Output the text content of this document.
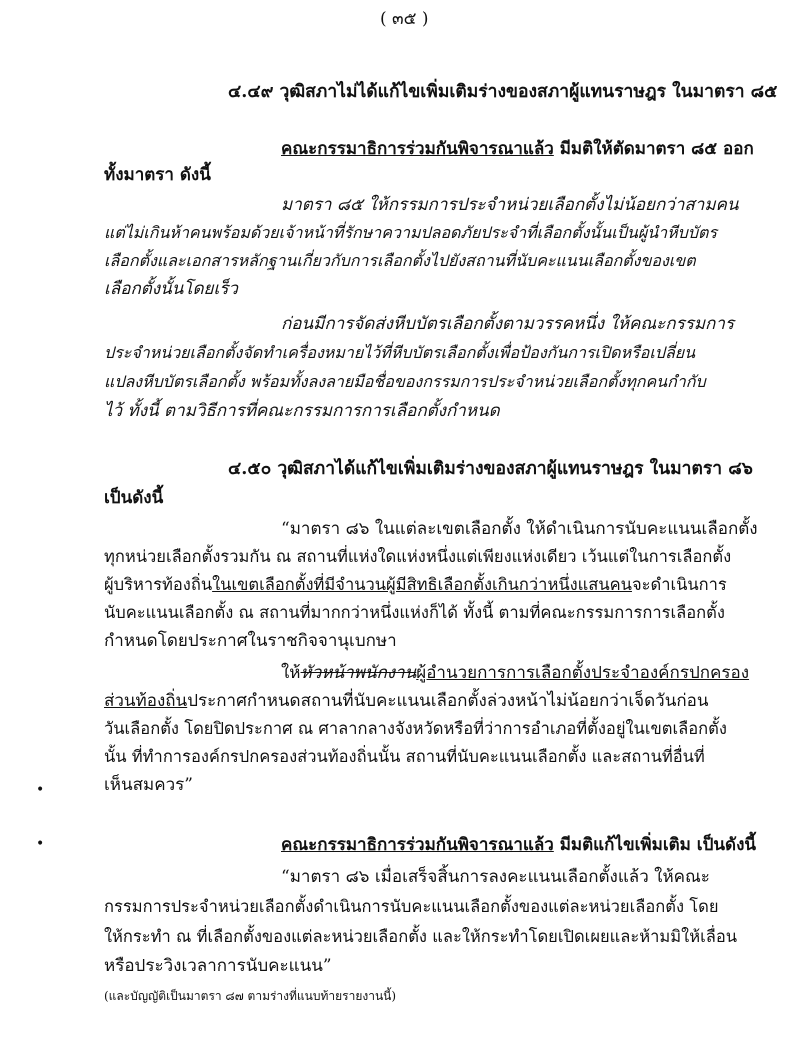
( ๓๕ )
๔.๔๙ วุฒิสภาไม่ได้แก้ไขเพิ่มเติมร่างของสภาผู้แทนราษฎร ในมาตรา ๘๕
คณะกรรมาธิการร่วมกันพิจารณาแล้ว มีมติให้ตัดมาตรา ๘๕ ออก
ทั้งมาตรา ดังนี้
มาตรา ๘๕ ให้กรรมการประจำหน่วยเลือกตั้งไม่น้อยกว่าสามคน
แต่ไม่เกินห้าคนพร้อมด้วยเจ้าหน้าที่รักษาความปลอดภัยประจำที่เลือกตั้งนั้นเป็นผู้นำหีบบัตร
เลือกตั้งและเอกสารหลักฐานเกี่ยวกับการเลือกตั้งไปยังสถานที่นับคะแนนเลือกตั้งของเขต
เลือกตั้งนั้นโดยเร็ว
ก่อนมีการจัดส่งหีบบัตรเลือกตั้งตามวรรคหนึ่ง ให้คณะกรรมการ
ประจำหน่วยเลือกตั้งจัดทำเครื่องหมายไว้ที่หีบบัตรเลือกตั้งเพื่อป้องกันการเปิดหรือเปลี่ยน
แปลงหีบบัตรเลือกตั้ง พร้อมทั้งลงลายมือชื่อของกรรมการประจำหน่วยเลือกตั้งทุกคนกำกับ
ไว้ ทั้งนี้ ตามวิธีการที่คณะกรรมการการเลือกตั้งกำหนด
๔.๕๐ วุฒิสภาได้แก้ไขเพิ่มเติมร่างของสภาผู้แทนราษฎร ในมาตรา ๘๖
เป็นดังนี้
“มาตรา ๘๖ ในแต่ละเขตเลือกตั้ง ให้ดำเนินการนับคะแนนเลือกตั้ง
ทุกหน่วยเลือกตั้งรวมกัน ณ สถานที่แห่งใดแห่งหนึ่งแต่เพียงแห่งเดียว เว้นแต่ในการเลือกตั้ง
ผู้บริหารท้องถิ่นในเขตเลือกตั้งที่มีจำนวนผู้มีสิทธิเลือกตั้งเกินกว่าหนึ่งแสนคนจะดำเนินการ
นับคะแนนเลือกตั้ง ณ สถานที่มากกว่าหนึ่งแห่งก็ได้ ทั้งนี้ ตามที่คณะกรรมการการเลือกตั้ง
กำหนดโดยประกาศในราชกิจจานุเบกษา
ให้หัวหน้าพนักงานผู้อำนวยการการเลือกตั้งประจำองค์กรปกครอง
ส่วนท้องถิ่นประกาศกำหนดสถานที่นับคะแนนเลือกตั้งล่วงหน้าไม่น้อยกว่าเจ็ดวันก่อน
วันเลือกตั้ง โดยปิดประกาศ ณ ศาลากลางจังหวัดหรือที่ว่าการอำเภอที่ตั้งอยู่ในเขตเลือกตั้ง
นั้น ที่ทำการองค์กรปกครองส่วนท้องถิ่นนั้น สถานที่นับคะแนนเลือกตั้ง และสถานที่อื่นที่
เห็นสมควร”
•
•	คณะกรรมาธิการร่วมกันพิจารณาแล้ว มีมติแก้ไขเพิ่มเติม เป็นดังนี้
“มาตรา ๘๖ เมื่อเสร็จสิ้นการลงคะแนนเลือกตั้งแล้ว ให้คณะ
กรรมการประจำหน่วยเลือกตั้งดำเนินการนับคะแนนเลือกตั้งของแต่ละหน่วยเลือกตั้ง โดย
ให้กระทำ ณ ที่เลือกตั้งของแต่ละหน่วยเลือกตั้ง และให้กระทำโดยเปิดเผยและห้ามมิให้เลื่อน
หรือประวิงเวลาการนับคะแนน”
(และบัญญัติเป็นมาตรา ๘๗ ตามร่างที่แนบท้ายรายงานนี้)
